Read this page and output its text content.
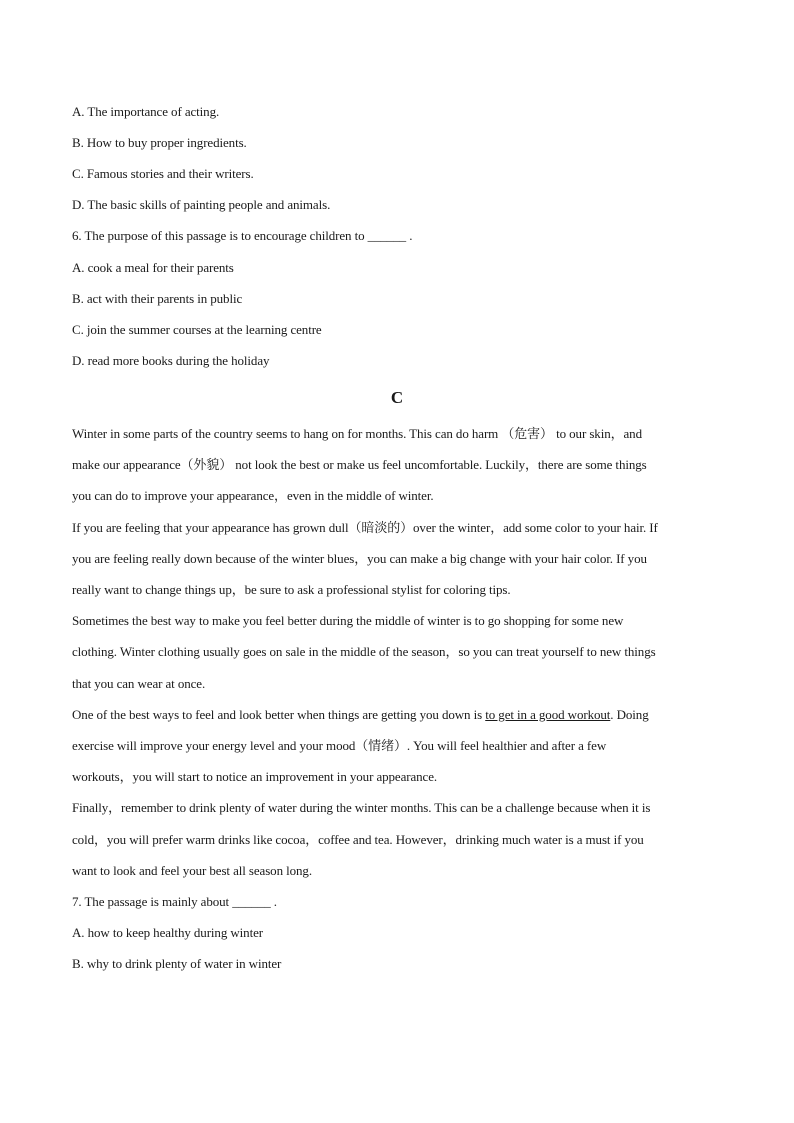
A. The importance of acting.
B. How to buy proper ingredients.
C. Famous stories and their writers.
D. The basic skills of painting people and animals.
6. The purpose of this passage is to encourage children to ______ .
A. cook a meal for their parents
B. act with their parents in public
C. join the summer courses at the learning centre
D. read more books during the holiday
C
Winter in some parts of the country seems to hang on for months. This can do harm （危害） to our skin，and
make our appearance（外貌） not look the best or make us feel uncomfortable. Luckily，there are some things
you can do to improve your appearance，even in the middle of winter.
If you are feeling that your appearance has grown dull（暗淡的）over the winter，add some color to your hair. If
you are feeling really down because of the winter blues，you can make a big change with your hair color. If you
really want to change things up，be sure to ask a professional stylist for coloring tips.
Sometimes the best way to make you feel better during the middle of winter is to go shopping for some new
clothing. Winter clothing usually goes on sale in the middle of the season，so you can treat yourself to new things
that you can wear at once.
One of the best ways to feel and look better when things are getting you down is to get in a good workout. Doing
exercise will improve your energy level and your mood（情绪）. You will feel healthier and after a few
workouts，you will start to notice an improvement in your appearance.
Finally，remember to drink plenty of water during the winter months. This can be a challenge because when it is
cold，you will prefer warm drinks like cocoa，coffee and tea. However，drinking much water is a must if you
want to look and feel your best all season long.
7. The passage is mainly about ______ .
A. how to keep healthy during winter
B. why to drink plenty of water in winter
